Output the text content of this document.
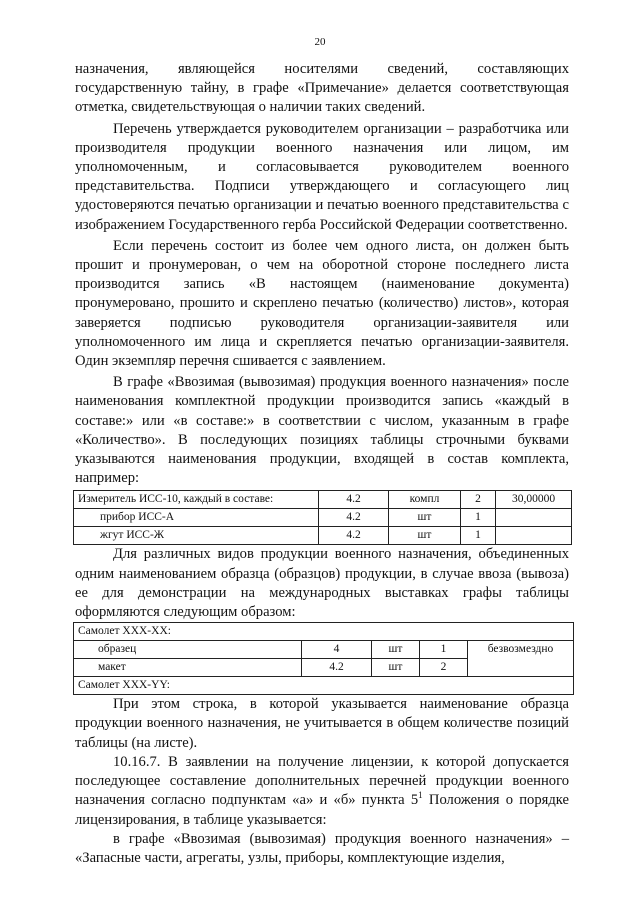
20

назначения, являющейся носителями сведений, составляющих государственную тайну, в графе «Примечание» делается соответствующая отметка, свидетельствующая о наличии таких сведений.

Перечень утверждается руководителем организации – разработчика или производителя продукции военного назначения или лицом, им уполномоченным, и согласовывается руководителем военного представительства. Подписи утверждающего и согласующего лиц удостоверяются печатью организации и печатью военного представительства с изображением Государственного герба Российской Федерации соответственно.

Если перечень состоит из более чем одного листа, он должен быть прошит и пронумерован, о чем на оборотной стороне последнего листа производится запись «В настоящем (наименование документа) пронумеровано, прошито и скреплено печатью (количество) листов», которая заверяется подписью руководителя организации-заявителя или уполномоченного им лица и скрепляется печатью организации-заявителя. Один экземпляр перечня сшивается с заявлением.

В графе «Ввозимая (вывозимая) продукция военного назначения» после наименования комплектной продукции производится запись «каждый в составе:» или «в составе:» в соответствии с числом, указанным в графе «Количество». В последующих позициях таблицы строчными буквами указываются наименования продукции, входящей в состав комплекта, например:

Измеритель ИСС-10, каждый в составе:	4.2	компл	2	30,00000
прибор ИСС-А	4.2	шт	1	
жгут ИСС-Ж	4.2	шт	1	

Для различных видов продукции военного назначения, объединенных одним наименованием образца (образцов) продукции, в случае ввоза (вывоза) ее для демонстрации на международных выставках графы таблицы оформляются следующим образом:

Самолет ХХХ-ХХ:				
образец	4	шт	1	безвозмездно
макет	4.2	шт	2	
Самолет ХХХ-YY:				

При этом строка, в которой указывается наименование образца продукции военного назначения, не учитывается в общем количестве позиций таблицы (на листе).

10.16.7. В заявлении на получение лицензии, к которой допускается последующее составление дополнительных перечней продукции военного назначения согласно подпунктам «а» и «б» пункта $5^1$ Положения о порядке лицензирования, в таблице указывается:

в графе «Ввозимая (вывозимая) продукция военного назначения» – «Запасные части, агрегаты, узлы, приборы, комплектующие изделия,
